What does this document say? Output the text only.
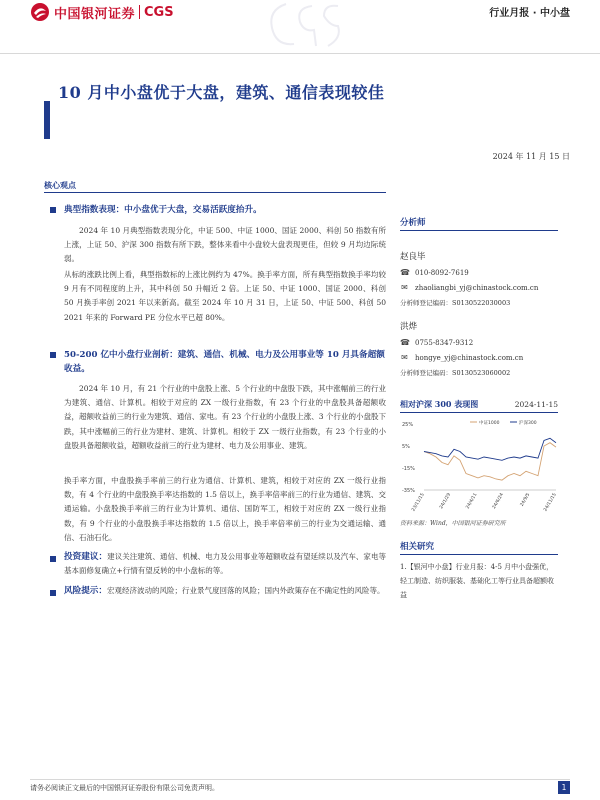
中国银河证券 CGS	行业月报 · 中小盘
10 月中小盘优于大盘，建筑、通信表现较佳
2024 年 11 月 15 日
核心观点
典型指数表现：中小盘优于大盘，交易活跃度抬升。
2024 年 10 月典型指数表现分化，中证 500、中证 1000、国证 2000、科创 50 指数有所上涨，上证 50、沪深 300 指数有所下跌，整体来看中小盘较大盘表现更佳，但较 9 月均边际统弱。
从标的涨跌比例上看，典型指数标的上涨比例约为 47%。换手率方面，所有典型指数换手率均较 9 月有不同程度的上升，其中科创 50 升幅近 2 倍。上证 50、中证 1000、国证 2000、科创 50 月换手率创 2021 年以来新高。截至 2024 年 10 月 31 日，上证 50、中证 500、科创 50 2021 年来的 Forward PE 分位水平已超 80%。
50-200 亿中小盘行业剖析：建筑、通信、机械、电力及公用事业等 10 月具备超额收益。
2024 年 10 月，有 21 个行业的中盘股上涨、5 个行业的中盘股下跌，其中涨幅前三的行业为建筑、通信、计算机。相较于对应的 ZX 一级行业指数，有 23 个行业的中盘股具备超额收益，超额收益前三的行业为建筑、通信、家电。有 23 个行业的小盘股上涨、3 个行业的小盘股下跌，其中涨幅前三的行业为建材、建筑、计算机。相较于 ZX 一级行业指数，有 23 个行业的小盘股具备超额收益，超额收益前三的行业为建材、电力及公用事业、建筑。
换手率方面，中盘股换手率前三的行业为通信、计算机、建筑，相较于对应的 ZX 一级行业指数，有 4 个行业的中盘股换手率达指数的 1.5 倍以上，换手率倍率前三的行业为通信、建筑、交通运输。小盘股换手率前三的行业为计算机、通信、国防军工，相较于对应的 ZX 一级行业指数，有 9 个行业的小盘股换手率达指数的 1.5 倍以上，换手率倍率前三的行业为交通运输、通信、石油石化。
投资建议：建议关注建筑、通信、机械、电力及公用事业等超额收益有望延续以及汽车、家电等基本面修复确立+行情有望反转的中小盘标的等。
风险提示：宏观经济波动的风险；行业景气度回落的风险；国内外政策存在不确定性的风险等。
分析师
赵良毕
☎ 010-8092-7619
✉ zhaoliangbi_yj@chinastock.com.cn
分析师登记编码：S0130522030003
洪烨
☎ 0755-8347-9312
✉ hongye_yj@chinastock.com.cn
分析师登记编码：S0130523060002
相对沪深 300 表现图	2024-11-15
25%
5%
-15%
-35%
23/11/15	24/1/29	24/4/11	24/6/24	24/9/5	24/11/15
中证1000	沪深300
资料来源：Wind，中国银河证券研究所
相关研究
1.【银河中小盘】行业月报：4-5 月中小盘强优，轻工制造、纺织服装、基础化工等行业具备超额收益
请务必阅读正文最后的中国银河证券股份有限公司免责声明。	1
